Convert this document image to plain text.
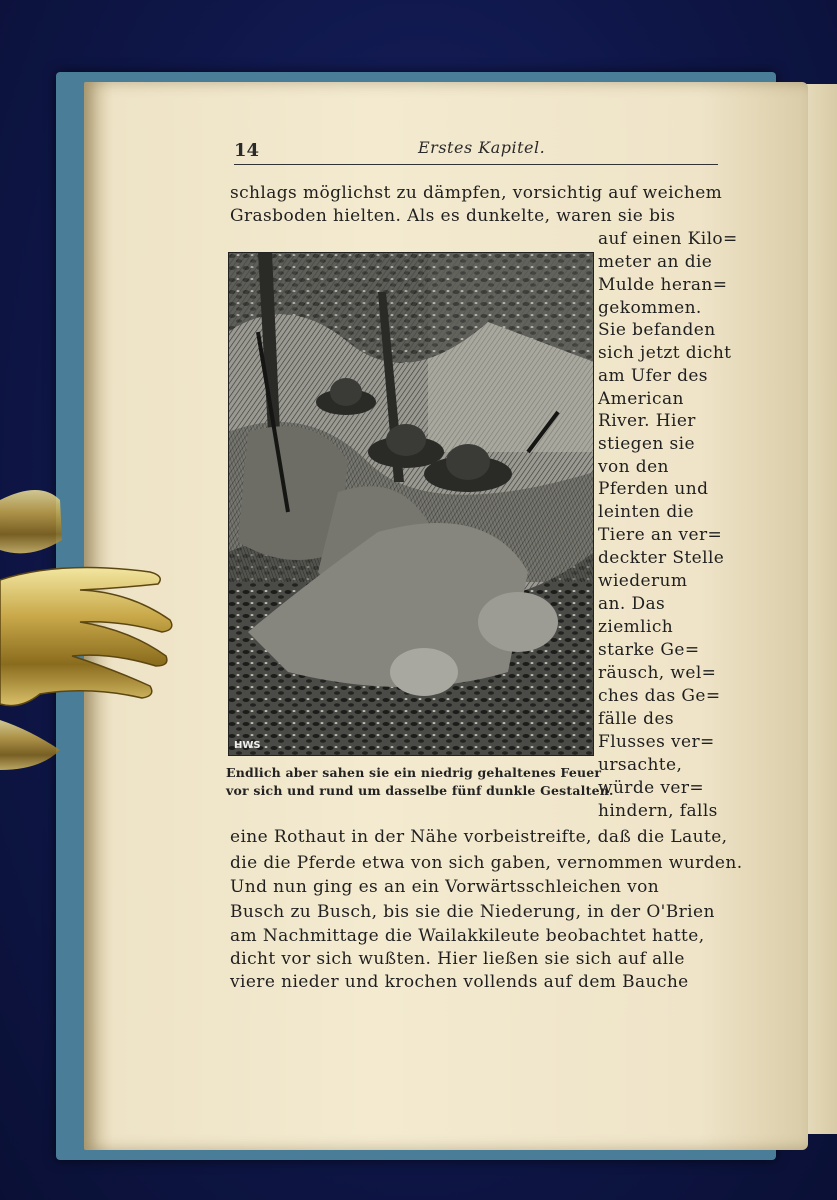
14	Erstes Kapitel.
schlags möglichst zu dämpfen, vorsichtig auf weichem
Grasboden hielten. Als es dunkelte, waren sie bis
auf einen Kilo=
meter an die
Mulde heran=
gekommen.
Sie befanden
sich jetzt dicht
am Ufer des
American
River. Hier
stiegen sie
von den
Pferden und
leinten die
Tiere an ver=
deckter Stelle
wiederum
an. Das
ziemlich
starke Ge=
räusch, wel=
ches das Ge=
fälle des
Flusses ver=
ursachte,
würde ver=
hindern, falls
HWS
Endlich aber sahen sie ein niedrig gehaltenes Feuer
vor sich und rund um dasselbe fünf dunkle Gestalten.
eine Rothaut in der Nähe vorbeistreifte, daß die Laute,
die die Pferde etwa von sich gaben, vernommen wurden.
Und nun ging es an ein Vorwärtsschleichen von
Busch zu Busch, bis sie die Niederung, in der O'Brien
am Nachmittage die Wailakkileute beobachtet hatte,
dicht vor sich wußten. Hier ließen sie sich auf alle
viere nieder und krochen vollends auf dem Bauche
